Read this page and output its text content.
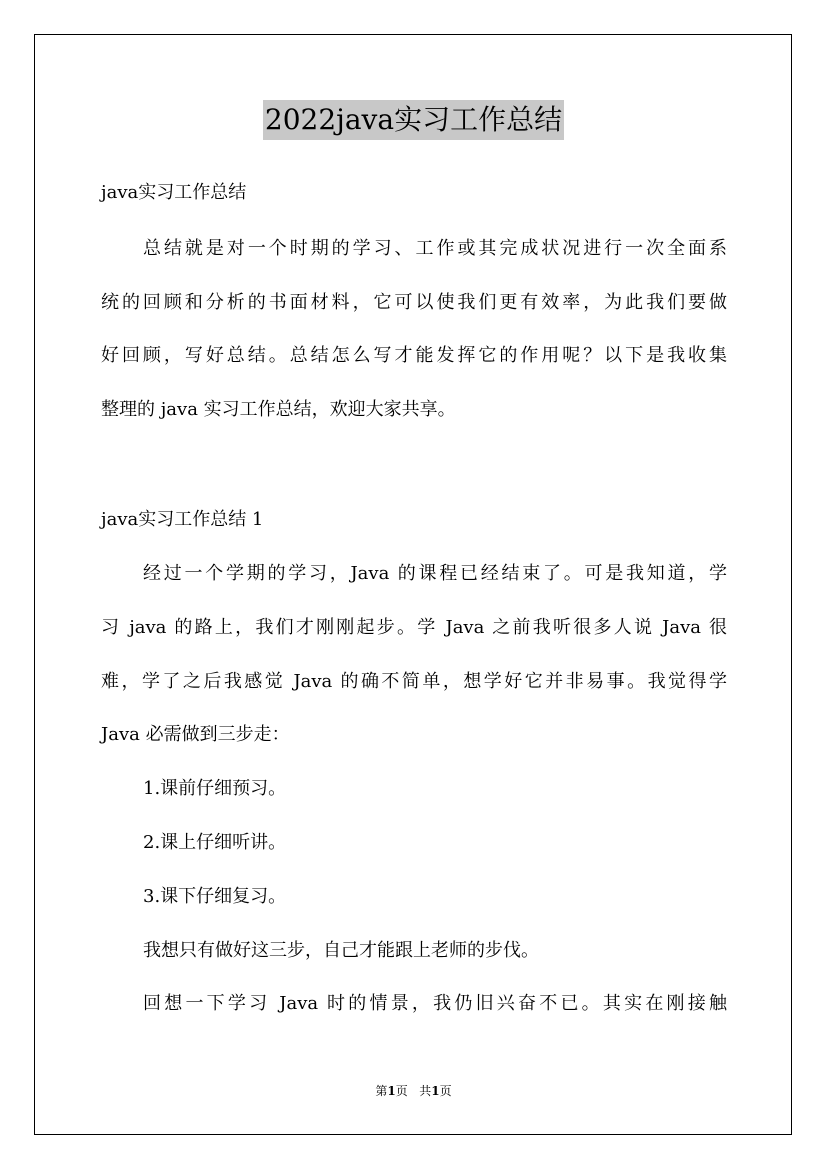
2022java实习工作总结
java实习工作总结
总结就是对一个时期的学习、工作或其完成状况进行一次全面系
统的回顾和分析的书面材料，它可以使我们更有效率，为此我们要做
好回顾，写好总结。总结怎么写才能发挥它的作用呢？以下是我收集
整理的 java 实习工作总结，欢迎大家共享。
java实习工作总结 1
经过一个学期的学习，Java 的课程已经结束了。可是我知道，学
习 java 的路上，我们才刚刚起步。学 Java 之前我听很多人说 Java 很
难，学了之后我感觉 Java 的确不简单，想学好它并非易事。我觉得学
Java 必需做到三步走：
1.课前仔细预习。
2.课上仔细听讲。
3.课下仔细复习。
我想只有做好这三步，自己才能跟上老师的步伐。
回想一下学习 Java 时的情景，我仍旧兴奋不已。其实在刚接触
第1页 共1页
